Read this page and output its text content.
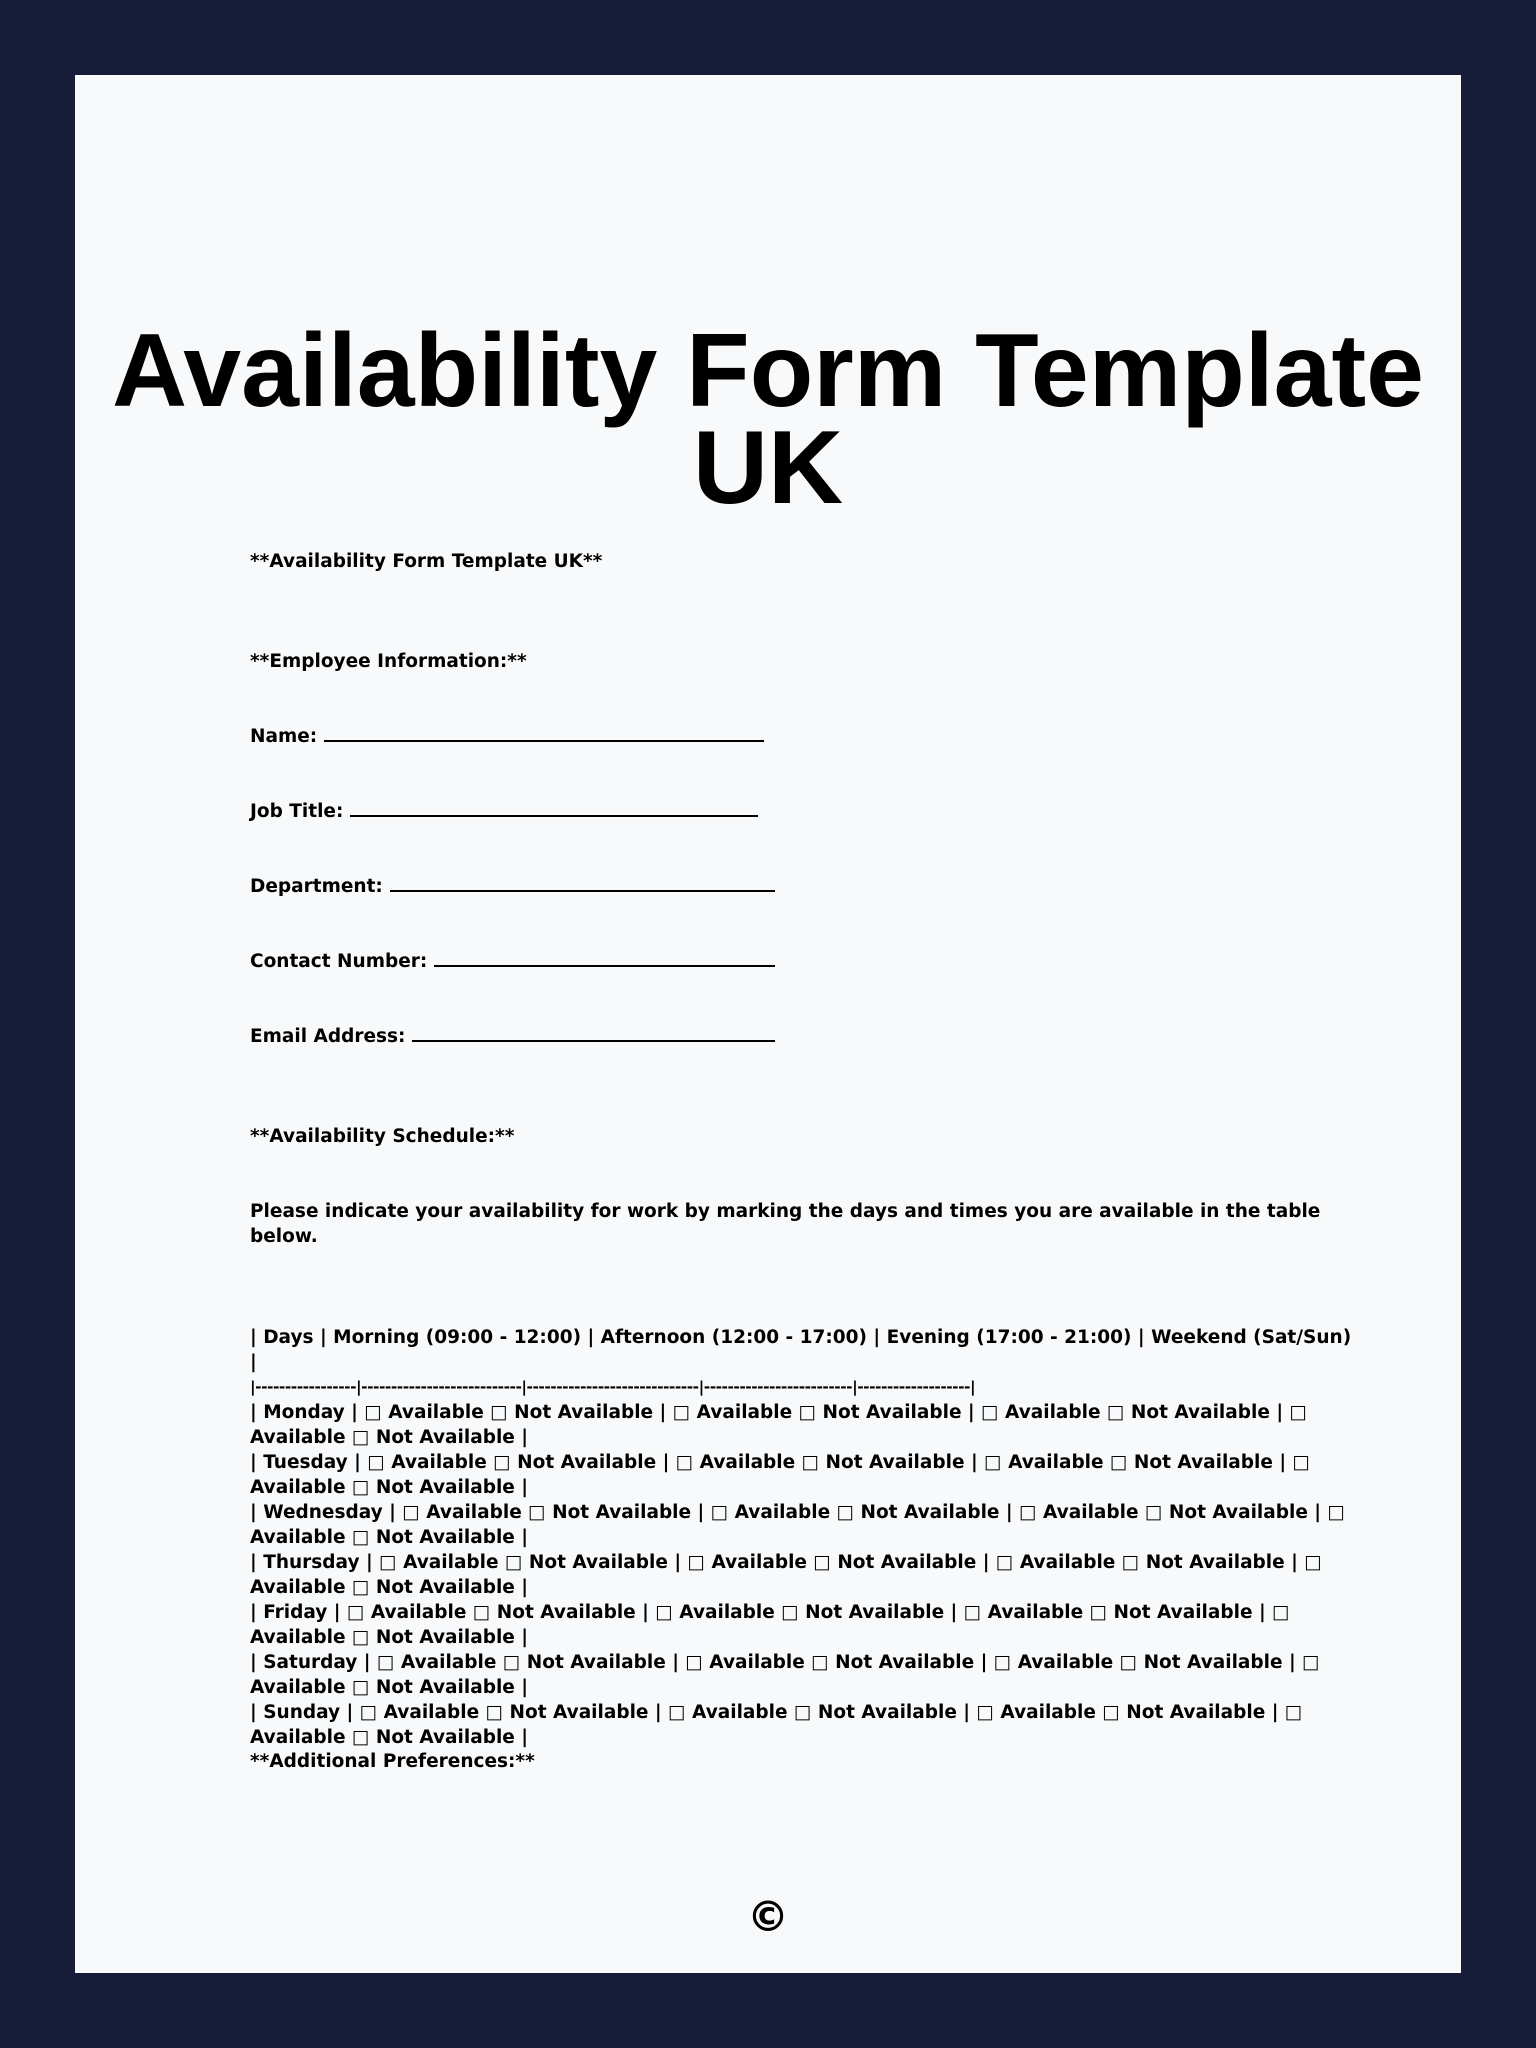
Availability Form Template UK

**Availability Form Template UK**

**Employee Information:**

Name:

Job Title:

Department:

Contact Number:

Email Address:

**Availability Schedule:**

Please indicate your availability for work by marking the days and times you are available in the table below.

| Days | Morning (09:00 - 12:00) | Afternoon (12:00 - 17:00) | Evening (17:00 - 21:00) | Weekend (Sat/Sun) |
|-----------------|---------------------------|-----------------------------|-------------------------|-------------------|
| Monday | □ Available □ Not Available | □ Available □ Not Available | □ Available □ Not Available | □ Available □ Not Available |
| Tuesday | □ Available □ Not Available | □ Available □ Not Available | □ Available □ Not Available | □ Available □ Not Available |
| Wednesday | □ Available □ Not Available | □ Available □ Not Available | □ Available □ Not Available | □ Available □ Not Available |
| Thursday | □ Available □ Not Available | □ Available □ Not Available | □ Available □ Not Available | □ Available □ Not Available |
| Friday | □ Available □ Not Available | □ Available □ Not Available | □ Available □ Not Available | □ Available □ Not Available |
| Saturday | □ Available □ Not Available | □ Available □ Not Available | □ Available □ Not Available | □ Available □ Not Available |
| Sunday | □ Available □ Not Available | □ Available □ Not Available | □ Available □ Not Available | □ Available □ Not Available |

**Additional Preferences:**

©
